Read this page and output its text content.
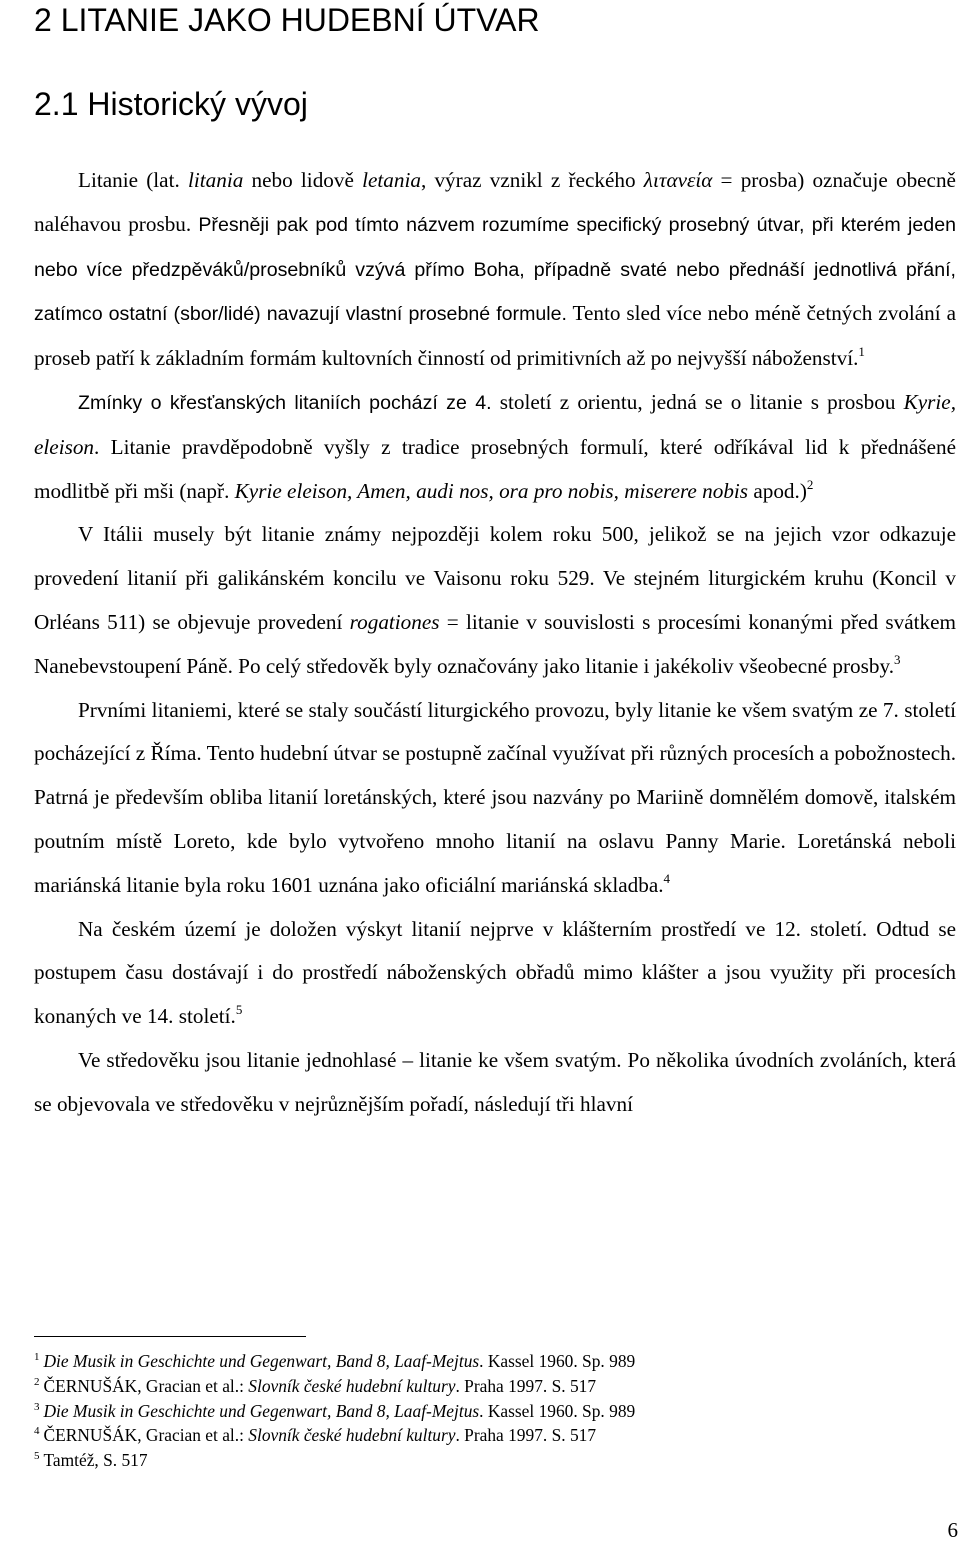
2 LITANIE JAKO HUDEBNÍ ÚTVAR
2.1 Historický vývoj

Litanie (lat. litania nebo lidově letania, výraz vznikl z řeckého λιτανεία = prosba) označuje obecně naléhavou prosbu. Přesněji pak pod tímto názvem rozumíme specifický prosebný útvar, při kterém jeden nebo více předzpěváků/prosebníků vzývá přímo Boha, případně svaté nebo přednáší jednotlivá přání, zatímco ostatní (sbor/lidé) navazují vlastní prosebné formule. Tento sled více nebo méně četných zvolání a proseb patří k základním formám kultovních činností od primitivních až po nejvyšší náboženství.$^1$

Zmínky o křesťanských litaniích pochází ze 4. století z orientu, jedná se o litanie s prosbou Kyrie, eleison. Litanie pravděpodobně vyšly z tradice prosebných formulí, které odříkával lid k přednášené modlitbě při mši (např. Kyrie eleison, Amen, audi nos, ora pro nobis, miserere nobis apod.)$^2$

V Itálii musely být litanie známy nejpozději kolem roku 500, jelikož se na jejich vzor odkazuje provedení litanií při galikánském koncilu ve Vaisonu roku 529. Ve stejném liturgickém kruhu (Koncil v Orléans 511) se objevuje provedení rogationes = litanie v souvislosti s procesími konanými před svátkem Nanebevstoupení Páně. Po celý středověk byly označovány jako litanie i jakékoliv všeobecné prosby.$^3$

Prvními litaniemi, které se staly součástí liturgického provozu, byly litanie ke všem svatým ze 7. století pocházející z Říma. Tento hudební útvar se postupně začínal využívat při různých procesích a pobožnostech. Patrná je především obliba litanií loretánských, které jsou nazvány po Mariině domnělém domově, italském poutním místě Loreto, kde bylo vytvořeno mnoho litanií na oslavu Panny Marie. Loretánská neboli mariánská litanie byla roku 1601 uznána jako oficiální mariánská skladba.$^4$

Na českém území je doložen výskyt litanií nejprve v klášterním prostředí ve 12. století. Odtud se postupem času dostávají i do prostředí náboženských obřadů mimo klášter a jsou využity při procesích konaných ve 14. století.$^5$

Ve středověku jsou litanie jednohlasé – litanie ke všem svatým. Po několika úvodních zvoláních, která se objevovala ve středověku v nejrůznějším pořadí, následují tři hlavní

$^1$ Die Musik in Geschichte und Gegenwart, Band 8, Laaf-Mejtus. Kassel 1960. Sp. 989
$^2$ ČERNUŠÁK, Gracian et al.: Slovník české hudební kultury. Praha 1997. S. 517
$^3$ Die Musik in Geschichte und Gegenwart, Band 8, Laaf-Mejtus. Kassel 1960. Sp. 989
$^4$ ČERNUŠÁK, Gracian et al.: Slovník české hudební kultury. Praha 1997. S. 517
$^5$ Tamtéž, S. 517
6
